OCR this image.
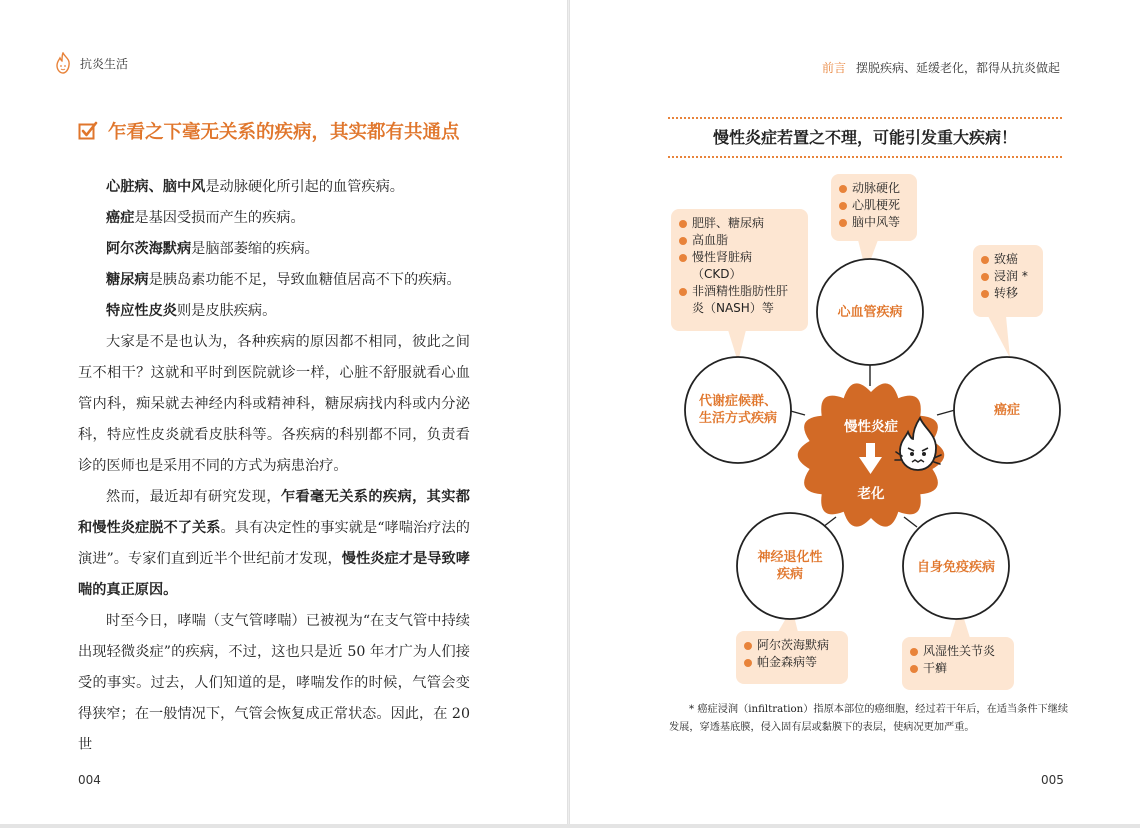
抗炎生活
乍看之下毫无关系的疾病，其实都有共通点

心脏病、脑中风是动脉硬化所引起的血管疾病。

癌症是基因受损而产生的疾病。

阿尔茨海默病是脑部萎缩的疾病。

糖尿病是胰岛素功能不足，导致血糖值居高不下的疾病。

特应性皮炎则是皮肤疾病。

大家是不是也认为，各种疾病的原因都不相同，彼此之间互不相干？这就和平时到医院就诊一样，心脏不舒服就看心血管内科，痴呆就去神经内科或精神科，糖尿病找内科或内分泌科，特应性皮炎就看皮肤科等。各疾病的科别都不同，负责看诊的医师也是采用不同的方式为病患治疗。

然而，最近却有研究发现，乍看毫无关系的疾病，其实都和慢性炎症脱不了关系。具有决定性的事实就是“哮喘治疗法的演进”。专家们直到近半个世纪前才发现，慢性炎症才是导致哮喘的真正原因。

时至今日，哮喘（支气管哮喘）已被视为“在支气管中持续出现轻微炎症”的疾病，不过，这也只是近 50 年才广为人们接受的事实。过去，人们知道的是，哮喘发作的时候，气管会变得狭窄；在一般情况下，气管会恢复成正常状态。因此，在 20 世

004
前言 摆脱疾病、延缓老化，都得从抗炎做起
慢性炎症若置之不理，可能引发重大疾病！
慢性炎症
老化
心血管疾病
代谢症候群、
生活方式疾病
癌症
神经退化性
疾病	自身免疫疾病
动脉硬化
心肌梗死
脑中风等
肥胖、糖尿病
高血脂
慢性肾脏病
（CKD）
非酒精性脂肪性肝
炎（NASH）等
致癌
浸润 *
转移
阿尔茨海默病
帕金森病等
风湿性关节炎
干癣
* 癌症浸润（infiltration）指原本部位的癌细胞，经过若干年后，在适当条件下继续发展，穿透基底膜，侵入固有层或黏膜下的表层，使病况更加严重。
005
